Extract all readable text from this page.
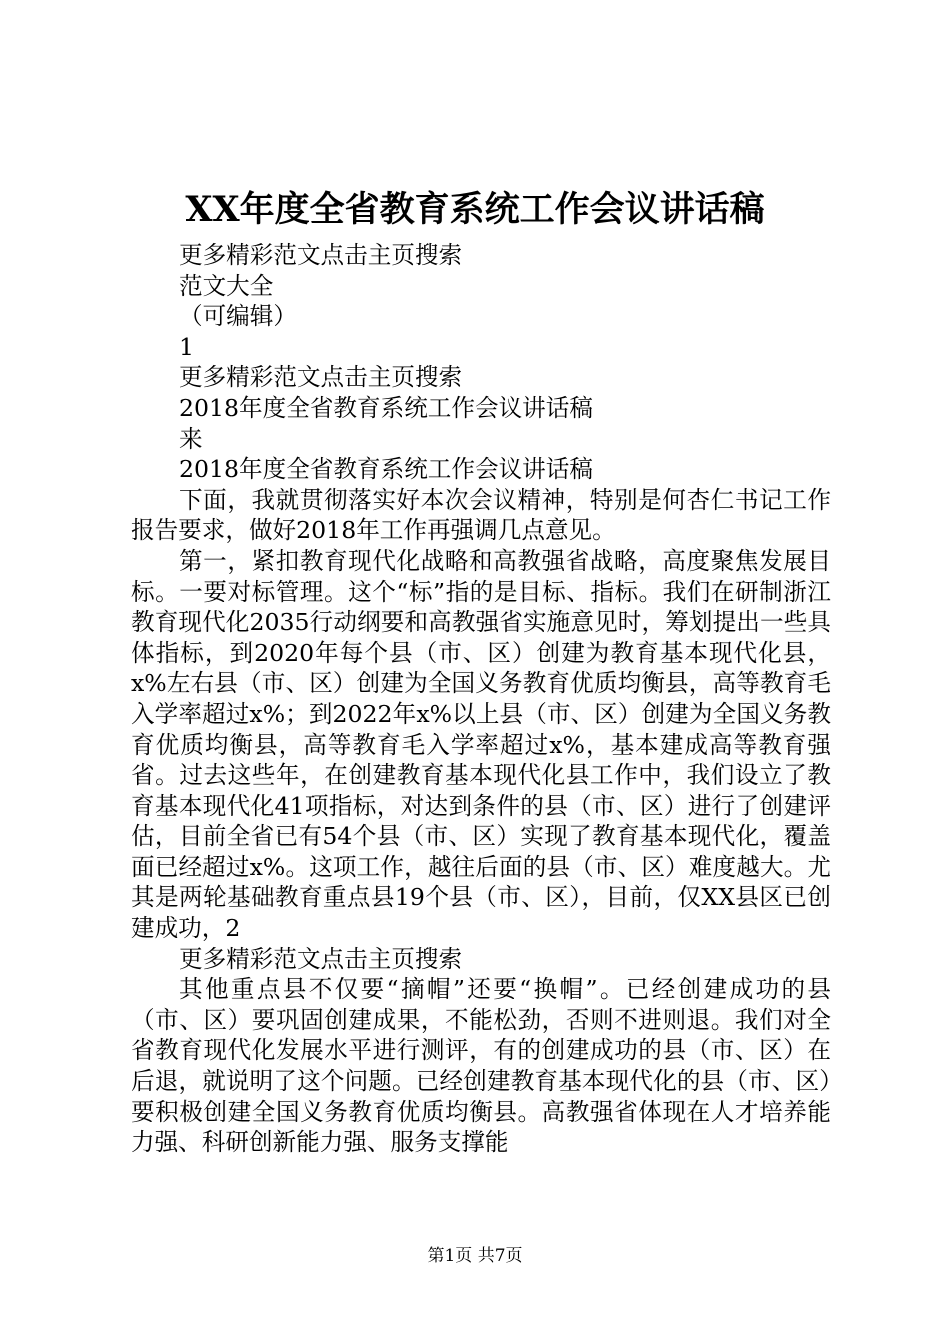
XX年度全省教育系统工作会议讲话稿
更多精彩范文点击主页搜索
范文大全
（可编辑）
1
更多精彩范文点击主页搜索
2018年度全省教育系统工作会议讲话稿
来
2018年度全省教育系统工作会议讲话稿

下面，我就贯彻落实好本次会议精神，特别是何杏仁书记工作报告要求，做好2018年工作再强调几点意见。

第一，紧扣教育现代化战略和高教强省战略，高度聚焦发展目标。一要对标管理。这个“标”指的是目标、指标。我们在研制浙江教育现代化2035行动纲要和高教强省实施意见时，筹划提出一些具体指标，到2020年每个县（市、区）创建为教育基本现代化县，x%左右县（市、区）创建为全国义务教育优质均衡县，高等教育毛入学率超过x%；到2022年x%以上县（市、区）创建为全国义务教育优质均衡县，高等教育毛入学率超过x%，基本建成高等教育强省。过去这些年，在创建教育基本现代化县工作中，我们设立了教育基本现代化41项指标，对达到条件的县（市、区）进行了创建评估，目前全省已有54个县（市、区）实现了教育基本现代化，覆盖面已经超过x%。这项工作，越往后面的县（市、区）难度越大。尤其是两轮基础教育重点县19个县（市、区），目前，仅XX县区已创建成功，2

更多精彩范文点击主页搜索

其他重点县不仅要“摘帽”还要“换帽”。已经创建成功的县（市、区）要巩固创建成果，不能松劲，否则不进则退。我们对全省教育现代化发展水平进行测评，有的创建成功的县（市、区）在后退，就说明了这个问题。已经创建教育基本现代化的县（市、区）要积极创建全国义务教育优质均衡县。高教强省体现在人才培养能力强、科研创新能力强、服务支撑能

第1页 共7页
